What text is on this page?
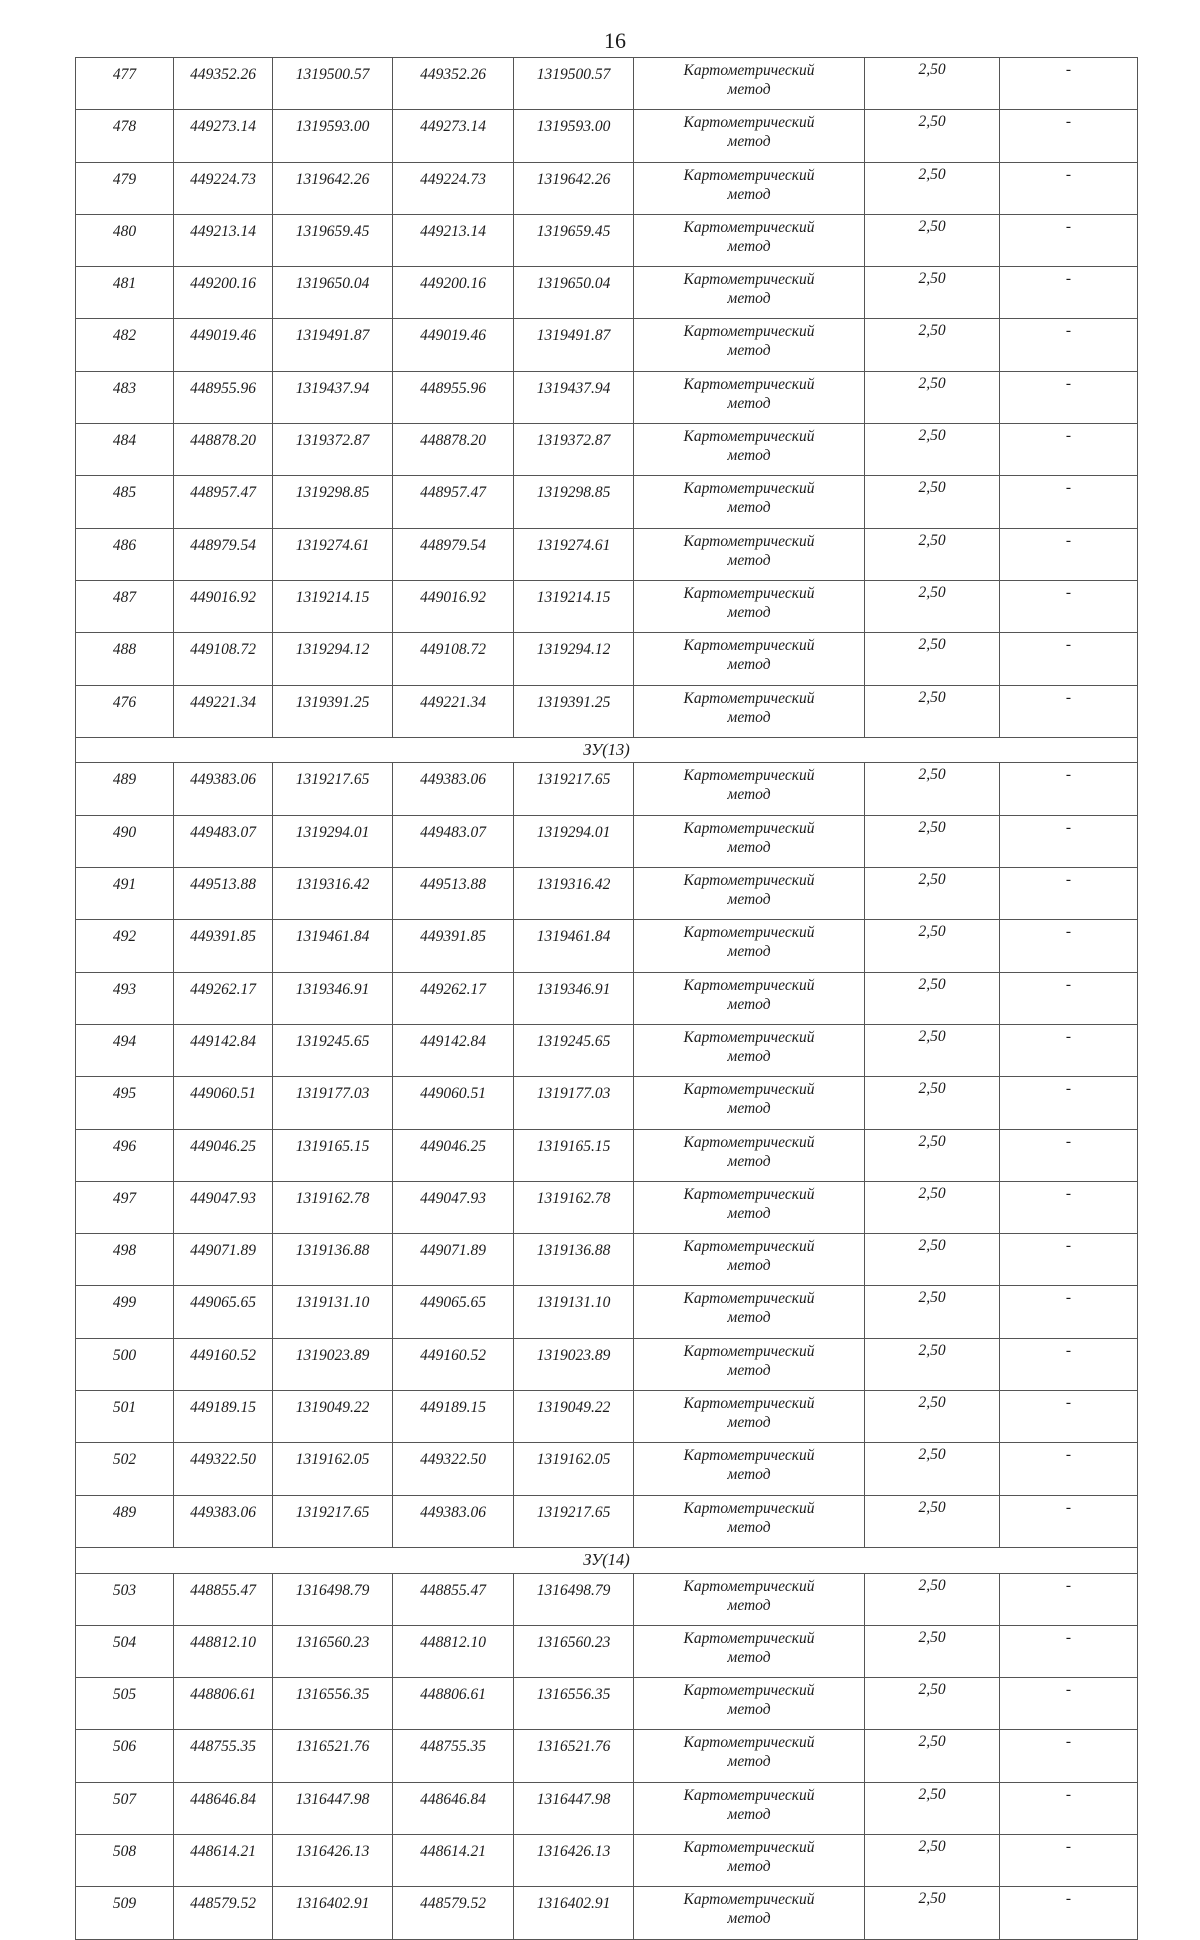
16
477	449352.26	1319500.57	449352.26	1319500.57	Картометрический
метод	2,50	-
478	449273.14	1319593.00	449273.14	1319593.00	Картометрический
метод	2,50	-
479	449224.73	1319642.26	449224.73	1319642.26	Картометрический
метод	2,50	-
480	449213.14	1319659.45	449213.14	1319659.45	Картометрический
метод	2,50	-
481	449200.16	1319650.04	449200.16	1319650.04	Картометрический
метод	2,50	-
482	449019.46	1319491.87	449019.46	1319491.87	Картометрический
метод	2,50	-
483	448955.96	1319437.94	448955.96	1319437.94	Картометрический
метод	2,50	-
484	448878.20	1319372.87	448878.20	1319372.87	Картометрический
метод	2,50	-
485	448957.47	1319298.85	448957.47	1319298.85	Картометрический
метод	2,50	-
486	448979.54	1319274.61	448979.54	1319274.61	Картометрический
метод	2,50	-
487	449016.92	1319214.15	449016.92	1319214.15	Картометрический
метод	2,50	-
488	449108.72	1319294.12	449108.72	1319294.12	Картометрический
метод	2,50	-
476	449221.34	1319391.25	449221.34	1319391.25	Картометрический
метод	2,50	-
ЗУ(13)							
489	449383.06	1319217.65	449383.06	1319217.65	Картометрический
метод	2,50	-
490	449483.07	1319294.01	449483.07	1319294.01	Картометрический
метод	2,50	-
491	449513.88	1319316.42	449513.88	1319316.42	Картометрический
метод	2,50	-
492	449391.85	1319461.84	449391.85	1319461.84	Картометрический
метод	2,50	-
493	449262.17	1319346.91	449262.17	1319346.91	Картометрический
метод	2,50	-
494	449142.84	1319245.65	449142.84	1319245.65	Картометрический
метод	2,50	-
495	449060.51	1319177.03	449060.51	1319177.03	Картометрический
метод	2,50	-
496	449046.25	1319165.15	449046.25	1319165.15	Картометрический
метод	2,50	-
497	449047.93	1319162.78	449047.93	1319162.78	Картометрический
метод	2,50	-
498	449071.89	1319136.88	449071.89	1319136.88	Картометрический
метод	2,50	-
499	449065.65	1319131.10	449065.65	1319131.10	Картометрический
метод	2,50	-
500	449160.52	1319023.89	449160.52	1319023.89	Картометрический
метод	2,50	-
501	449189.15	1319049.22	449189.15	1319049.22	Картометрический
метод	2,50	-
502	449322.50	1319162.05	449322.50	1319162.05	Картометрический
метод	2,50	-
489	449383.06	1319217.65	449383.06	1319217.65	Картометрический
метод	2,50	-
ЗУ(14)							
503	448855.47	1316498.79	448855.47	1316498.79	Картометрический
метод	2,50	-
504	448812.10	1316560.23	448812.10	1316560.23	Картометрический
метод	2,50	-
505	448806.61	1316556.35	448806.61	1316556.35	Картометрический
метод	2,50	-
506	448755.35	1316521.76	448755.35	1316521.76	Картометрический
метод	2,50	-
507	448646.84	1316447.98	448646.84	1316447.98	Картометрический
метод	2,50	-
508	448614.21	1316426.13	448614.21	1316426.13	Картометрический
метод	2,50	-
509	448579.52	1316402.91	448579.52	1316402.91	Картометрический
метод	2,50	-
